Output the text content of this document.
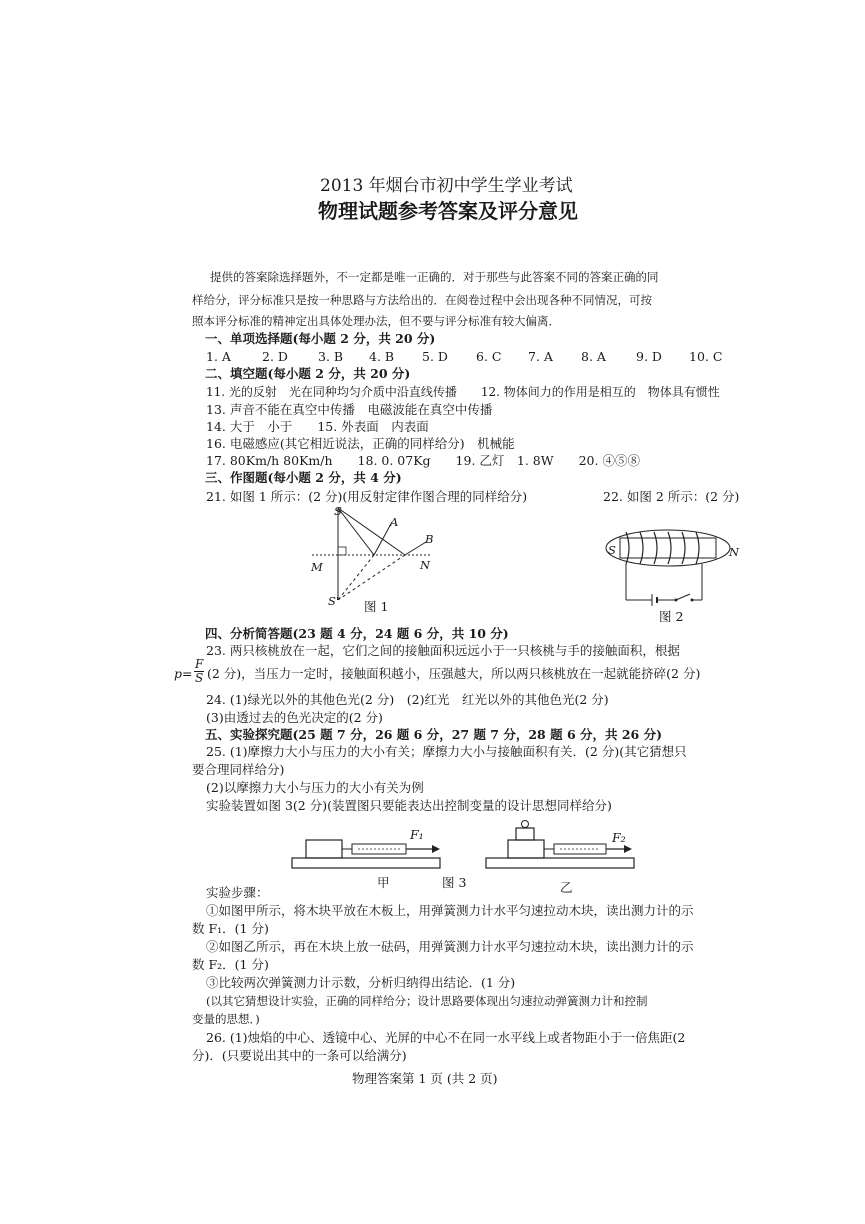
2013 年烟台市初中学生学业考试
物理试题参考答案及评分意见
提供的答案除选择题外，不一定都是唯一正确的．对于那些与此答案不同的答案正确的同
样给分，评分标准只是按一种思路与方法给出的．在阅卷过程中会出现各种不同情况，可按
照本评分标准的精神定出具体处理办法，但不要与评分标准有较大偏离．
一、单项选择题(每小题 2 分，共 20 分)
1. A 2. D 3. B 4. B 5. D 6. C 7. A 8. A 9. D 10. C
二、填空题(每小题 2 分，共 20 分)
11. 光的反射　光在同种均匀介质中沿直线传播　　12. 物体间力的作用是相互的　物体具有惯性
13. 声音不能在真空中传播　电磁波能在真空中传播
14. 大于　小于　　15. 外表面　内表面
16. 电磁感应(其它相近说法，正确的同样给分)　机械能
17. 80Km/h 80Km/h　　18. 0. 07Kg　　19. 乙灯　1. 8W　　20. ④⑤⑧
三、作图题(每小题 2 分，共 4 分)
21. 如图 1 所示：(2 分)(用反射定律作图合理的同样给分)	22. 如图 2 所示：(2 分)
S
A
B
M	N
S' 图 1
S	N
图 2
四、分析简答题(23 题 4 分，24 题 6 分，共 10 分)
23. 两只核桃放在一起，它们之间的接触面积远远小于一只核桃与手的接触面积，根据
$p= \frac{F}{S} (2$ 分)，当压力一定时，接触面积越小，压强越大，所以两只核桃放在一起就能挤碎(2 分)
24. (1)绿光以外的其他色光(2 分)　(2)红光　红光以外的其他色光(2 分)
(3)由透过去的色光决定的(2 分)
五、实验探究题(25 题 7 分，26 题 6 分，27 题 7 分，28 题 6 分，共 26 分)
25. (1)摩擦力大小与压力的大小有关；摩擦力大小与接触面积有关．(2 分)(其它猜想只
要合理同样给分)
(2)以摩擦力大小与压力的大小有关为例
实验装置如图 3(2 分)(装置图只要能表达出控制变量的设计思想同样给分)
F₁	F₂
甲	图 3	乙
实验步骤：
①如图甲所示，将木块平放在木板上，用弹簧测力计水平匀速拉动木块，读出测力计的示
数 F₁．(1 分)
②如图乙所示，再在木块上放一砝码，用弹簧测力计水平匀速拉动木块，读出测力计的示
数 F₂．(1 分)
③比较两次弹簧测力计示数，分析归纳得出结论．(1 分)
(以其它猜想设计实验，正确的同样给分；设计思路要体现出匀速拉动弹簧测力计和控制
变量的思想．)
26. (1)烛焰的中心、透镜中心、光屏的中心不在同一水平线上或者物距小于一倍焦距(2
分)．(只要说出其中的一条可以给满分)
物理答案第 1 页 (共 2 页)
